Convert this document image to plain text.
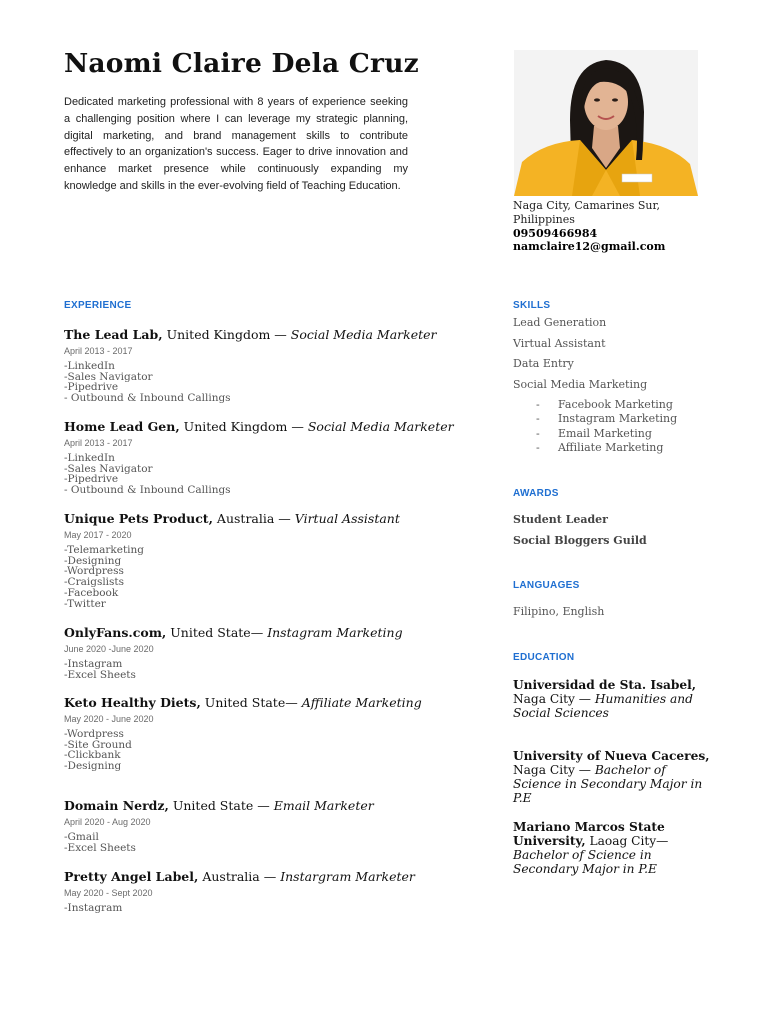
Naomi Claire Dela Cruz
Dedicated marketing professional with 8 years of experience seeking a challenging position where I can leverage my strategic planning, digital marketing, and brand management skills to contribute effectively to an organization's success. Eager to drive innovation and enhance market presence while continuously expanding my knowledge and skills in the ever-evolving field of Teaching Education.
Naga City, Camarines Sur,
Philippines
09509466984
namclaire12@gmail.com
EXPERIENCE	SKILLS
AWARDS
LANGUAGES
EDUCATION
The Lead Lab, United Kingdom — Social Media Marketer
April 2013 - 2017
-LinkedIn
-Sales Navigator
-Pipedrive
- Outbound & Inbound Callings
Home Lead Gen, United Kingdom — Social Media Marketer
April 2013 - 2017
-LinkedIn
-Sales Navigator
-Pipedrive
- Outbound & Inbound Callings
Unique Pets Product, Australia — Virtual Assistant
May 2017 - 2020
-Telemarketing
-Designing
-Wordpress
-Craigslists
-Facebook
-Twitter
OnlyFans.com, United State— Instagram Marketing
June 2020 -June 2020
-Instagram
-Excel Sheets
Keto Healthy Diets, United State— Affiliate Marketing
May 2020 - June 2020
-Wordpress
-Site Ground
-Clickbank
-Designing
Domain Nerdz, United State — Email Marketer
April 2020 - Aug 2020
-Gmail
-Excel Sheets
Pretty Angel Label, Australia — Instargram Marketer
May 2020 - Sept 2020
-Instagram
Lead Generation
Virtual Assistant
Data Entry
Social Media Marketing
- Facebook Marketing
- Instagram Marketing
- Email Marketing
- Affiliate Marketing
Student Leader
Social Bloggers Guild
Filipino, English
Universidad de Sta. Isabel, Naga City — Humanities and Social Sciences
University of Nueva Caceres, Naga City — Bachelor of Science in Secondary Major in P.E
Mariano Marcos State University, Laoag City— Bachelor of Science in Secondary Major in P.E
